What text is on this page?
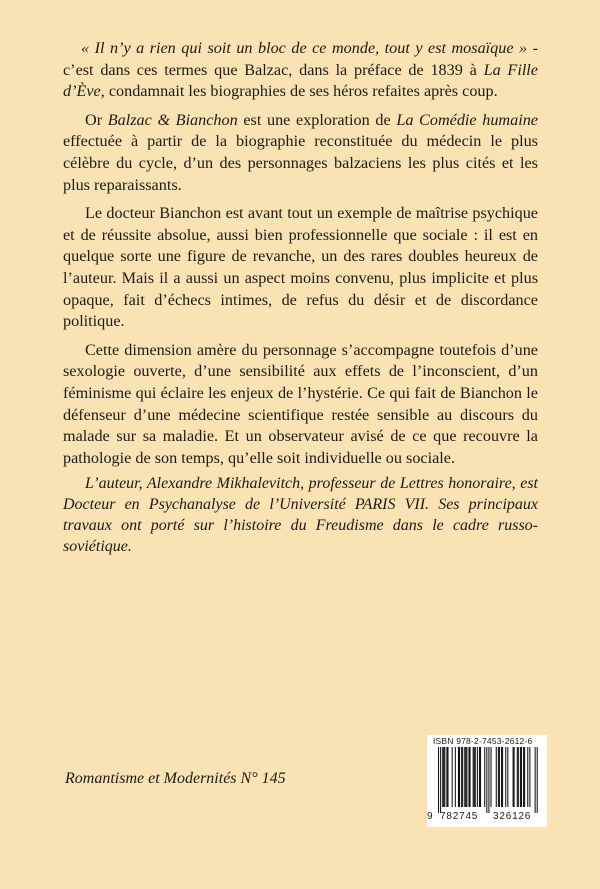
« Il n’y a rien qui soit un bloc de ce monde, tout y est mosaïque » - c’est dans ces termes que Balzac, dans la préface de 1839 à La Fille d’Ève, condamnait les biographies de ses héros refaites après coup.

Or Balzac & Bianchon est une exploration de La Comédie humaine effectuée à partir de la biographie reconstituée du médecin le plus célèbre du cycle, d’un des personnages balzaciens les plus cités et les plus reparaissants.

Le docteur Bianchon est avant tout un exemple de maîtrise psychique et de réussite absolue, aussi bien professionnelle que sociale : il est en quelque sorte une figure de revanche, un des rares doubles heureux de l’auteur. Mais il a aussi un aspect moins convenu, plus implicite et plus opaque, fait d’échecs intimes, de refus du désir et de discordance politique.

Cette dimension amère du personnage s’accompagne toutefois d’une sexologie ouverte, d’une sensibilité aux effets de l’inconscient, d’un féminisme qui éclaire les enjeux de l’hystérie. Ce qui fait de Bianchon le défenseur d’une médecine scientifique restée sensible au discours du malade sur sa maladie. Et un observateur avisé de ce que recouvre la pathologie de son temps, qu’elle soit individuelle ou sociale.

L’auteur, Alexandre Mikhalevitch, professeur de Lettres honoraire, est Docteur en Psychanalyse de l’Université PARIS VII. Ses principaux travaux ont porté sur l’histoire du Freudisme dans le cadre russo-soviétique.

Romantisme et Modernités N° 145

ISBN 978-2-7453-2612-6
9 782745	326126
